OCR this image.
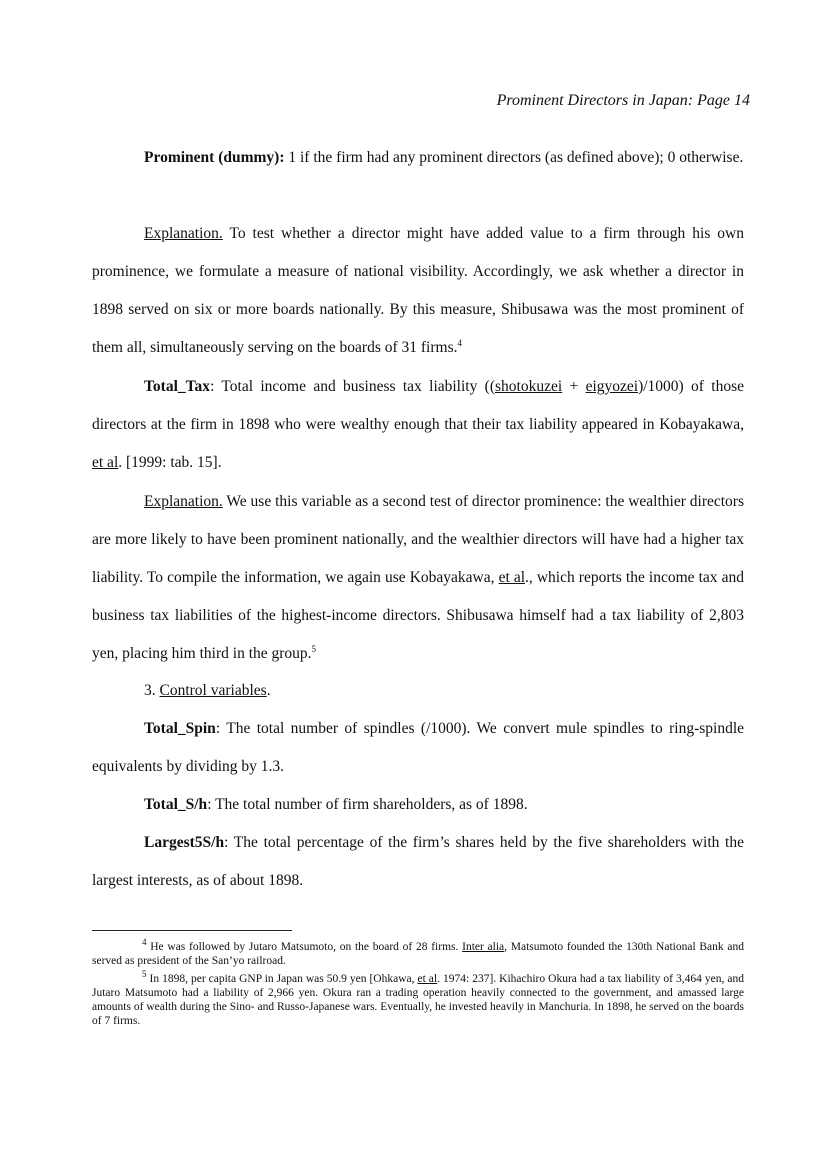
Prominent Directors in Japan: Page 14

Prominent (dummy): 1 if the firm had any prominent directors (as defined above); 0 otherwise.

Explanation. To test whether a director might have added value to a firm through his own prominence, we formulate a measure of national visibility. Accordingly, we ask whether a director in 1898 served on six or more boards nationally. By this measure, Shibusawa was the most prominent of them all, simultaneously serving on the boards of 31 firms.$^4$

Total_Tax: Total income and business tax liability ((shotokuzei + eigyozei)/1000) of those directors at the firm in 1898 who were wealthy enough that their tax liability appeared in Kobayakawa, et al. [1999: tab. 15].

Explanation. We use this variable as a second test of director prominence: the wealthier directors are more likely to have been prominent nationally, and the wealthier directors will have had a higher tax liability. To compile the information, we again use Kobayakawa, et al., which reports the income tax and business tax liabilities of the highest-income directors. Shibusawa himself had a tax liability of 2,803 yen, placing him third in the group.$^5$

3. Control variables.

Total_Spin: The total number of spindles (/1000). We convert mule spindles to ring-spindle equivalents by dividing by 1.3.

Total_S/h: The total number of firm shareholders, as of 1898.

Largest5S/h: The total percentage of the firm’s shares held by the five shareholders with the largest interests, as of about 1898.

$^4$ He was followed by Jutaro Matsumoto, on the board of 28 firms. Inter alia, Matsumoto founded the 130th National Bank and served as president of the San’yo railroad.

$^5$ In 1898, per capita GNP in Japan was 50.9 yen [Ohkawa, et al. 1974: 237]. Kihachiro Okura had a tax liability of 3,464 yen, and Jutaro Matsumoto had a liability of 2,966 yen. Okura ran a trading operation heavily connected to the government, and amassed large amounts of wealth during the Sino- and Russo-Japanese wars. Eventually, he invested heavily in Manchuria. In 1898, he served on the boards of 7 firms.
